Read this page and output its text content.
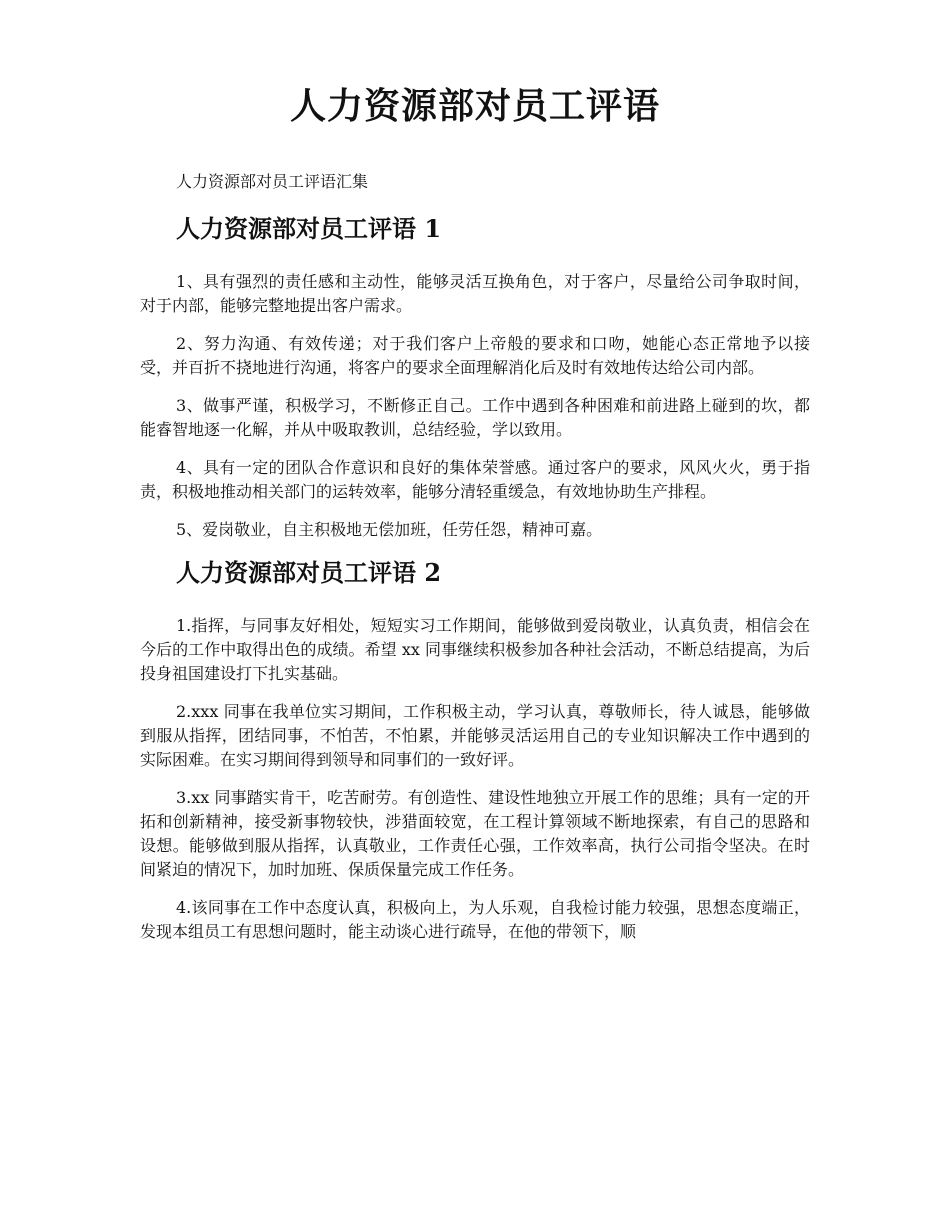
人力资源部对员工评语

人力资源部对员工评语汇集

人力资源部对员工评语 1

1、具有强烈的责任感和主动性，能够灵活互换角色，对于客户，尽量给公司争取时间，对于内部，能够完整地提出客户需求。

2、努力沟通、有效传递；对于我们客户上帝般的要求和口吻，她能心态正常地予以接受，并百折不挠地进行沟通，将客户的要求全面理解消化后及时有效地传达给公司内部。

3、做事严谨，积极学习，不断修正自己。工作中遇到各种困难和前进路上碰到的坎，都能睿智地逐一化解，并从中吸取教训，总结经验，学以致用。

4、具有一定的团队合作意识和良好的集体荣誉感。通过客户的要求，风风火火，勇于指责，积极地推动相关部门的运转效率，能够分清轻重缓急，有效地协助生产排程。

5、爱岗敬业，自主积极地无偿加班，任劳任怨，精神可嘉。

人力资源部对员工评语 2

1.指挥，与同事友好相处，短短实习工作期间，能够做到爱岗敬业，认真负责，相信会在今后的工作中取得出色的成绩。希望 xx 同事继续积极参加各种社会活动，不断总结提高，为后投身祖国建设打下扎实基础。

2.xxx 同事在我单位实习期间，工作积极主动，学习认真，尊敬师长，待人诚恳，能够做到服从指挥，团结同事，不怕苦，不怕累，并能够灵活运用自己的专业知识解决工作中遇到的实际困难。在实习期间得到领导和同事们的一致好评。

3.xx 同事踏实肯干，吃苦耐劳。有创造性、建设性地独立开展工作的思维；具有一定的开拓和创新精神，接受新事物较快，涉猎面较宽，在工程计算领域不断地探索，有自己的思路和设想。能够做到服从指挥，认真敬业，工作责任心强，工作效率高，执行公司指令坚决。在时间紧迫的情况下，加时加班、保质保量完成工作任务。

4.该同事在工作中态度认真，积极向上，为人乐观，自我检讨能力较强，思想态度端正，发现本组员工有思想问题时，能主动谈心进行疏导，在他的带领下，顺
